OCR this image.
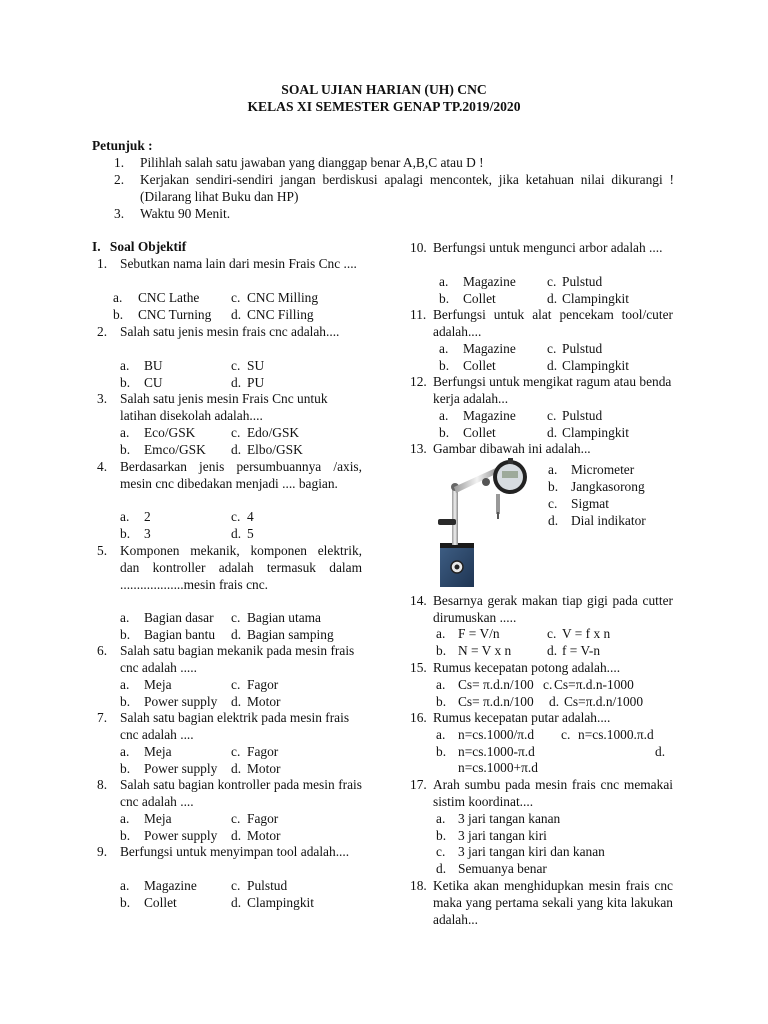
SOAL UJIAN HARIAN (UH) CNC
KELAS XI SEMESTER GENAP TP.2019/2020
Petunjuk :
1. Pilihlah salah satu jawaban yang dianggap benar A,B,C atau D !
2. Kerjakan sendiri-sendiri jangan berdiskusi apalagi mencontek, jika ketahuan nilai dikurangi ! (Dilarang lihat Buku dan HP)
3. Waktu 90 Menit.
I. Soal Objektif
1. Sebutkan nama lain dari mesin Frais Cnc ....
a. CNC Lathe c. CNC Milling
b. CNC Turning d. CNC Filling
2. Salah satu jenis mesin frais cnc adalah....
a. BU	c. SU
b. CU	d. PU
3. Salah satu jenis mesin Frais Cnc untuk latihan disekolah adalah....
a. Eco/GSK	c. Edo/GSK
b. Emco/GSK d. Elbo/GSK
4. Berdasarkan jenis persumbuannya /axis, mesin cnc dibedakan menjadi .... bagian.
a. 2	c. 4
b. 3	d. 5
5. Komponen mekanik, komponen elektrik, dan kontroller adalah termasuk dalam ...................mesin frais cnc.
a. Bagian dasar c. Bagian utama
b. Bagian bantu d. Bagian samping
6. Salah satu bagian mekanik pada mesin frais cnc adalah .....
a. Meja	c. Fagor
b. Power supply d. Motor
7. Salah satu bagian elektrik pada mesin frais cnc adalah ....
a. Meja	c. Fagor
b. Power supply d. Motor
8. Salah satu bagian kontroller pada mesin frais cnc adalah ....
a. Meja	c. Fagor
b. Power supply d. Motor
9. Berfungsi untuk menyimpan tool adalah....
a. Magazine	c. Pulstud
b. Collet	d. Clampingkit
10. Berfungsi untuk mengunci arbor adalah ....
a. Magazine c. Pulstud
b. Collet	d. Clampingkit
11. Berfungsi untuk alat pencekam tool/cuter adalah....
a. Magazine c. Pulstud
b. Collet	d. Clampingkit
12. Berfungsi untuk mengikat ragum atau benda kerja adalah...
a. Magazine c. Pulstud
b. Collet	d. Clampingkit
13. Gambar dibawah ini adalah...
a. Micrometer
b. Jangkasorong
c. Sigmat
d. Dial indikator
14. Besarnya gerak makan tiap gigi pada cutter dirumuskan .....
a. F = V/n	c. V = f x n
b. N = V x n	d. f = V-n
15. Rumus kecepatan potong adalah....
a. Cs= π.d.n/100 c. Cs=π.d.n-1000
b. Cs= π.d.n/100 d. Cs=π.d.n/1000
16. Rumus kecepatan putar adalah....
a. n=cs.1000/π.d c. n=cs.1000.π.d
b. n=cs.1000-π.d	d.
n=cs.1000+π.d
17. Arah sumbu pada mesin frais cnc memakai sistim koordinat....
a. 3 jari tangan kanan
b. 3 jari tangan kiri
c. 3 jari tangan kiri dan kanan
d. Semuanya benar
18. Ketika akan menghidupkan mesin frais cnc maka yang pertama sekali yang kita lakukan adalah...
